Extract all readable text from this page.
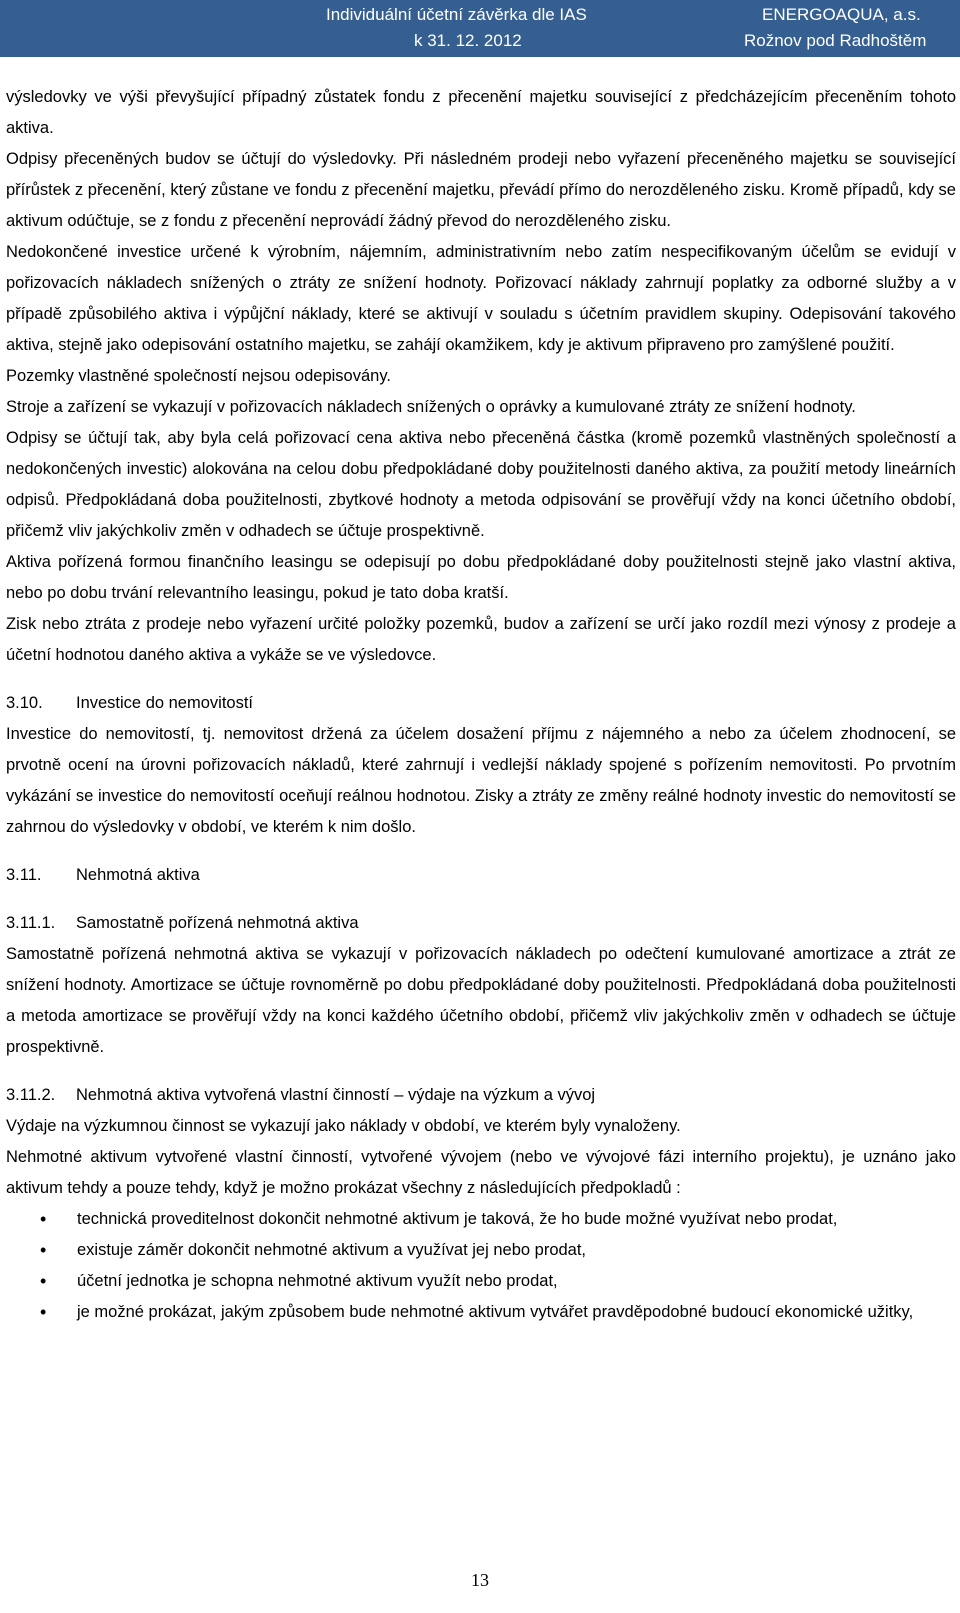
Individuální účetní závěrka dle IAS
k 31. 12. 2012
ENERGOAQUA, a.s.
Rožnov pod Radhoštěm

výsledovky ve výši převyšující případný zůstatek fondu z přecenění majetku související z předcházejícím přeceněním tohoto aktiva.

Odpisy přeceněných budov se účtují do výsledovky. Při následném prodeji nebo vyřazení přeceněného majetku se související přírůstek z přecenění, který zůstane ve fondu z přecenění majetku, převádí přímo do nerozděleného zisku. Kromě případů, kdy se aktivum odúčtuje, se z fondu z přecenění neprovádí žádný převod do nerozděleného zisku.

Nedokončené investice určené k výrobním, nájemním, administrativním nebo zatím nespecifikovaným účelům se evidují v pořizovacích nákladech snížených o ztráty ze snížení hodnoty. Pořizovací náklady zahrnují poplatky za odborné služby a v případě způsobilého aktiva i výpůjční náklady, které se aktivují v souladu s účetním pravidlem skupiny. Odepisování takového aktiva, stejně jako odepisování ostatního majetku, se zahájí okamžikem, kdy je aktivum připraveno pro zamýšlené použití.

Pozemky vlastněné společností nejsou odepisovány.

Stroje a zařízení se vykazují v pořizovacích nákladech snížených o oprávky a kumulované ztráty ze snížení hodnoty.

Odpisy se účtují tak, aby byla celá pořizovací cena aktiva nebo přeceněná částka (kromě pozemků vlastněných společností a nedokončených investic) alokována na celou dobu předpokládané doby použitelnosti daného aktiva, za použití metody lineárních odpisů. Předpokládaná doba použitelnosti, zbytkové hodnoty a metoda odpisování se prověřují vždy na konci účetního období, přičemž vliv jakýchkoliv změn v odhadech se účtuje prospektivně.

Aktiva pořízená formou finančního leasingu se odepisují po dobu předpokládané doby použitelnosti stejně jako vlastní aktiva, nebo po dobu trvání relevantního leasingu, pokud je tato doba kratší.

Zisk nebo ztráta z prodeje nebo vyřazení určité položky pozemků, budov a zařízení se určí jako rozdíl mezi výnosy z prodeje a účetní hodnotou daného aktiva a vykáže se ve výsledovce.

3.10. Investice do nemovitostí

Investice do nemovitostí, tj. nemovitost držená za účelem dosažení příjmu z nájemného a nebo za účelem zhodnocení, se prvotně ocení na úrovni pořizovacích nákladů, které zahrnují i vedlejší náklady spojené s pořízením nemovitosti. Po prvotním vykázání se investice do nemovitostí oceňují reálnou hodnotou. Zisky a ztráty ze změny reálné hodnoty investic do nemovitostí se zahrnou do výsledovky v období, ve kterém k nim došlo.

3.11. Nehmotná aktiva

3.11.1. Samostatně pořízená nehmotná aktiva

Samostatně pořízená nehmotná aktiva se vykazují v pořizovacích nákladech po odečtení kumulované amortizace a ztrát ze snížení hodnoty. Amortizace se účtuje rovnoměrně po dobu předpokládané doby použitelnosti. Předpokládaná doba použitelnosti a metoda amortizace se prověřují vždy na konci každého účetního období, přičemž vliv jakýchkoliv změn v odhadech se účtuje prospektivně.

3.11.2. Nehmotná aktiva vytvořená vlastní činností – výdaje na výzkum a vývoj

Výdaje na výzkumnou činnost se vykazují jako náklady v období, ve kterém byly vynaloženy.

Nehmotné aktivum vytvořené vlastní činností, vytvořené vývojem (nebo ve vývojové fázi interního projektu), je uznáno jako aktivum tehdy a pouze tehdy, když je možno prokázat všechny z následujících předpokladů :

• technická proveditelnost dokončit nehmotné aktivum je taková, že ho bude možné využívat nebo prodat,
• existuje záměr dokončit nehmotné aktivum a využívat jej nebo prodat,
• účetní jednotka je schopna nehmotné aktivum využít nebo prodat,
• je možné prokázat, jakým způsobem bude nehmotné aktivum vytvářet pravděpodobné budoucí ekonomické užitky,
13
